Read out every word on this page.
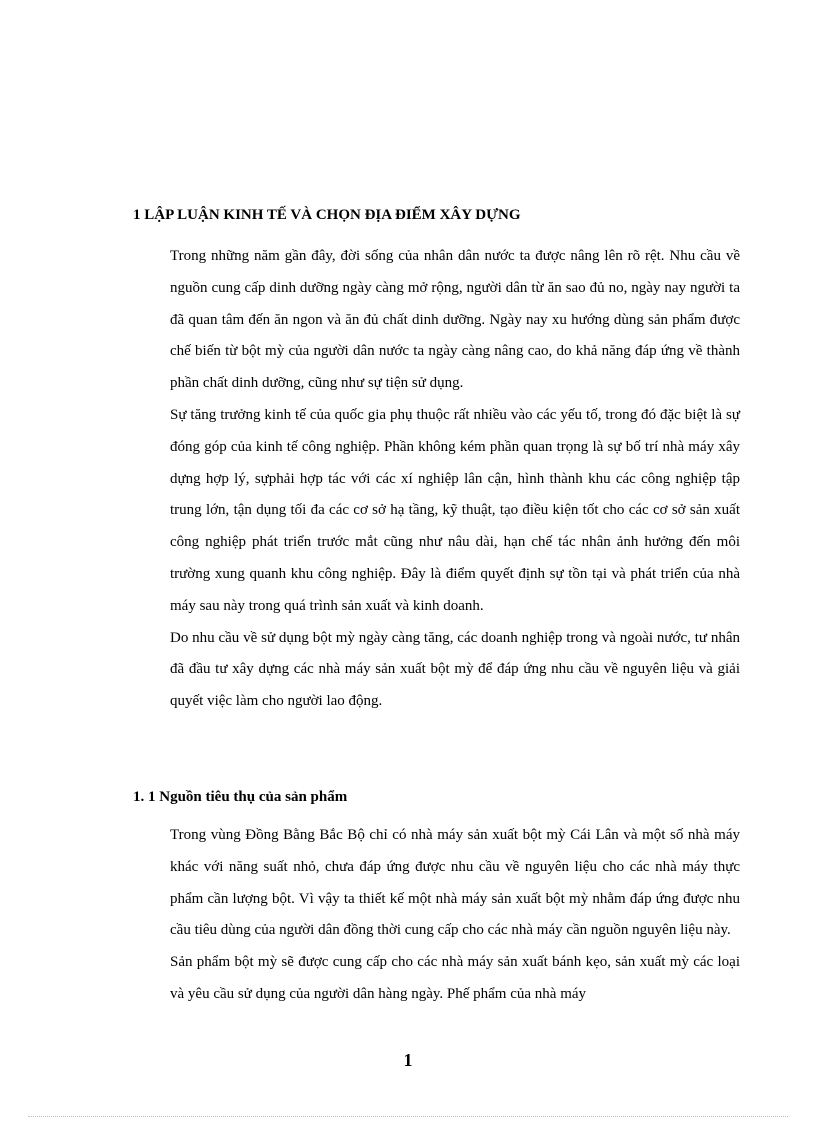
1 LẬP LUẬN KINH TẾ VÀ CHỌN ĐỊA ĐIỂM XÂY DỰNG

Trong những năm gần đây, đời sống của nhân dân nước ta được nâng lên rõ rệt. Nhu cầu về nguồn cung cấp dinh dưỡng ngày càng mở rộng, người dân từ ăn sao đủ no, ngày nay người ta đã quan tâm đến ăn ngon và ăn đủ chất dinh dưỡng. Ngày nay xu hướng dùng sản phẩm được chế biến từ bột mỳ của người dân nước ta ngày càng nâng cao, do khả năng đáp ứng về thành phần chất dinh dưỡng, cũng như sự tiện sử dụng.

Sự tăng trưởng kinh tế của quốc gia phụ thuộc rất nhiều vào các yếu tố, trong đó đặc biệt là sự đóng góp của kinh tế công nghiệp. Phần không kém phần quan trọng là sự bố trí nhà máy xây dựng hợp lý, sựphải hợp tác với các xí nghiệp lân cận, hình thành khu các công nghiệp tập trung lớn, tận dụng tối đa các cơ sở hạ tầng, kỹ thuật, tạo điều kiện tốt cho các cơ sở sản xuất công nghiệp phát triển trước mắt cũng như nâu dài, hạn chế tác nhân ảnh hưởng đến môi trường xung quanh khu công nghiệp. Đây là điểm quyết định sự tồn tại và phát triển của nhà máy sau này trong quá trình sản xuất và kinh doanh.

Do nhu cầu về sử dụng bột mỳ ngày càng tăng, các doanh nghiệp trong và ngoài nước, tư nhân đã đầu tư xây dựng các nhà máy sản xuất bột mỳ để đáp ứng nhu cầu về nguyên liệu và giải quyết việc làm cho người lao động.

1. 1 Nguồn tiêu thụ của sản phẩm

Trong vùng Đồng Bằng Bắc Bộ chỉ có nhà máy sản xuất bột mỳ Cái Lân và một số nhà máy khác với năng suất nhỏ, chưa đáp ứng được nhu cầu về nguyên liệu cho các nhà máy thực phẩm cần lượng bột. Vì vậy ta thiết kế một nhà máy sản xuất bột mỳ nhằm đáp ứng được nhu cầu tiêu dùng của người dân đồng thời cung cấp cho các nhà máy cần nguồn nguyên liệu này.

Sản phẩm bột mỳ sẽ được cung cấp cho các nhà máy sản xuất bánh kẹo, sản xuất mỳ các loại và yêu cầu sử dụng của người dân hàng ngày. Phế phẩm của nhà máy

1
